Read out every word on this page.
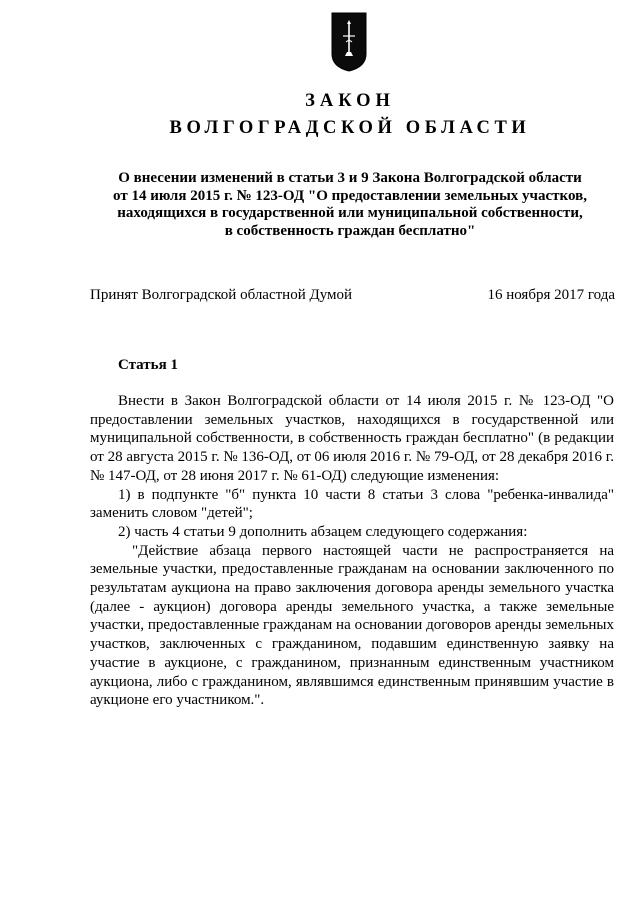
ЗАКОН
ВОЛГОГРАДСКОЙ ОБЛАСТИ
О внесении изменений в статьи 3 и 9 Закона Волгоградской области
от 14 июля 2015 г. № 123-ОД "О предоставлении земельных участков,
находящихся в государственной или муниципальной собственности,
в собственность граждан бесплатно"
Принят Волгоградской областной Думой	16 ноября 2017 года
Статья 1
Внести в Закон Волгоградской области от 14 июля 2015 г. № 123-ОД "О предоставлении земельных участков, находящихся в государственной или муниципальной собственности, в собственность граждан бесплатно" (в редакции от 28 августа 2015 г. № 136-ОД, от 06 июля 2016 г. № 79-ОД, от 28 декабря 2016 г. № 147-ОД, от 28 июня 2017 г. № 61-ОД) следующие изменения:
1) в подпункте "б" пункта 10 части 8 статьи 3 слова "ребенка-инвалида" заменить словом "детей";
2) часть 4 статьи 9 дополнить абзацем следующего содержания:
"Действие абзаца первого настоящей части не распространяется на земельные участки, предоставленные гражданам на основании заключенного по результатам аукциона на право заключения договора аренды земельного участка (далее - аукцион) договора аренды земельного участка, а также земельные участки, предоставленные гражданам на основании договоров аренды земельных участков, заключенных с гражданином, подавшим единственную заявку на участие в аукционе, с гражданином, признанным единственным участником аукциона, либо с гражданином, являвшимся единственным принявшим участие в аукционе его участником.".
